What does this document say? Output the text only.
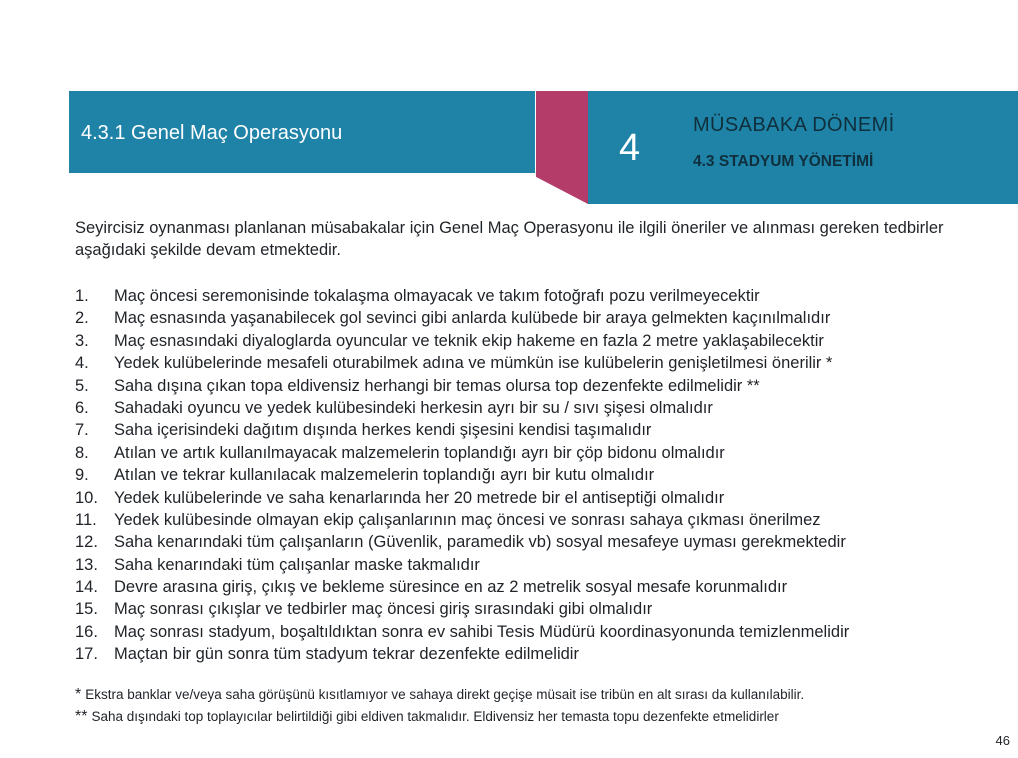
4.3.1 Genel Maç Operasyonu	4
MÜSABAKA DÖNEMİ
4.3 STADYUM YÖNETİMİ
Seyircisiz oynanması planlanan müsabakalar için Genel Maç Operasyonu ile ilgili öneriler ve alınması gereken tedbirler aşağıdaki şekilde devam etmektedir.
1. Maç öncesi seremonisinde tokalaşma olmayacak ve takım fotoğrafı pozu verilmeyecektir
2. Maç esnasında yaşanabilecek gol sevinci gibi anlarda kulübede bir araya gelmekten kaçınılmalıdır
3. Maç esnasındaki diyaloglarda oyuncular ve teknik ekip hakeme en fazla 2 metre yaklaşabilecektir
4. Yedek kulübelerinde mesafeli oturabilmek adına ve mümkün ise kulübelerin genişletilmesi önerilir *
5. Saha dışına çıkan topa eldivensiz herhangi bir temas olursa top dezenfekte edilmelidir **
6. Sahadaki oyuncu ve yedek kulübesindeki herkesin ayrı bir su / sıvı şişesi olmalıdır
7. Saha içerisindeki dağıtım dışında herkes kendi şişesini kendisi taşımalıdır
8. Atılan ve artık kullanılmayacak malzemelerin toplandığı ayrı bir çöp bidonu olmalıdır
9. Atılan ve tekrar kullanılacak malzemelerin toplandığı ayrı bir kutu olmalıdır
10. Yedek kulübelerinde ve saha kenarlarında her 20 metrede bir el antiseptiği olmalıdır
11. Yedek kulübesinde olmayan ekip çalışanlarının maç öncesi ve sonrası sahaya çıkması önerilmez
12. Saha kenarındaki tüm çalışanların (Güvenlik, paramedik vb) sosyal mesafeye uyması gerekmektedir
13. Saha kenarındaki tüm çalışanlar maske takmalıdır
14. Devre arasına giriş, çıkış ve bekleme süresince en az 2 metrelik sosyal mesafe korunmalıdır
15. Maç sonrası çıkışlar ve tedbirler maç öncesi giriş sırasındaki gibi olmalıdır
16. Maç sonrası stadyum, boşaltıldıktan sonra ev sahibi Tesis Müdürü koordinasyonunda temizlenmelidir
17. Maçtan bir gün sonra tüm stadyum tekrar dezenfekte edilmelidir
* Ekstra banklar ve/veya saha görüşünü kısıtlamıyor ve sahaya direkt geçişe müsait ise tribün en alt sırası da kullanılabilir.
** Saha dışındaki top toplayıcılar belirtildiği gibi eldiven takmalıdır. Eldivensiz her temasta topu dezenfekte etmelidirler
46
